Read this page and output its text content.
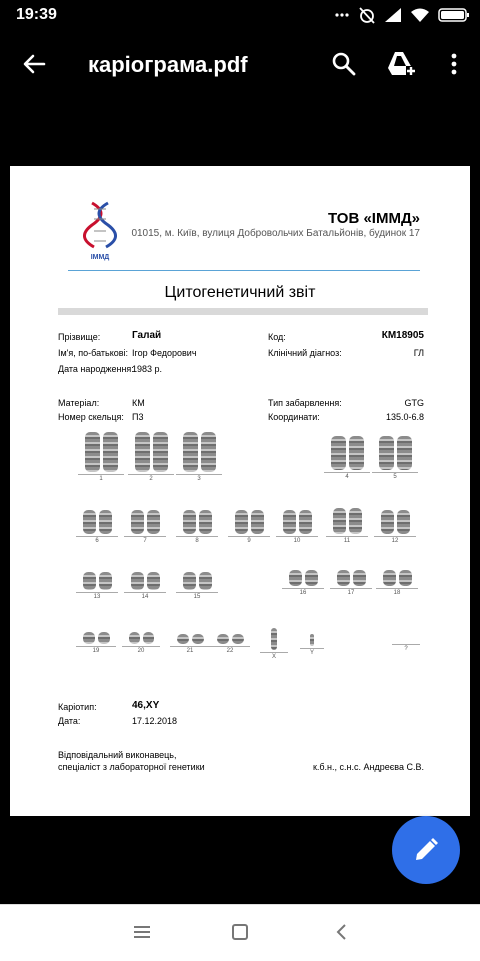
19:39
каріограма.pdf
ІММД
ТОВ «ІММД»
01015, м. Київ, вулиця Добровольчих Батальйонів, будинок 17
Цитогенетичний звіт
Прізвище:	Галай	Код:	КМ18905
Ім'я, по-батькові: Ігор Федорович	Клінічний діагноз:	ГЛ
Дата народження:
1983 р.
Матеріал:	КМ	Тип забарвлення:	GTG
Номер скельця: П3	Координати:	135.0-6.8
Каріотип:	46,XY
Дата:	17.12.2018
Відповідальний виконавець,
спеціаліст з лабораторної генетики	к.б.н., с.н.с. Андреєва С.В.
1	2	3	4	5
6	7	8	9	10	11	12
13	14	15
16	17	18
19	20	21	22
X
Y
?
